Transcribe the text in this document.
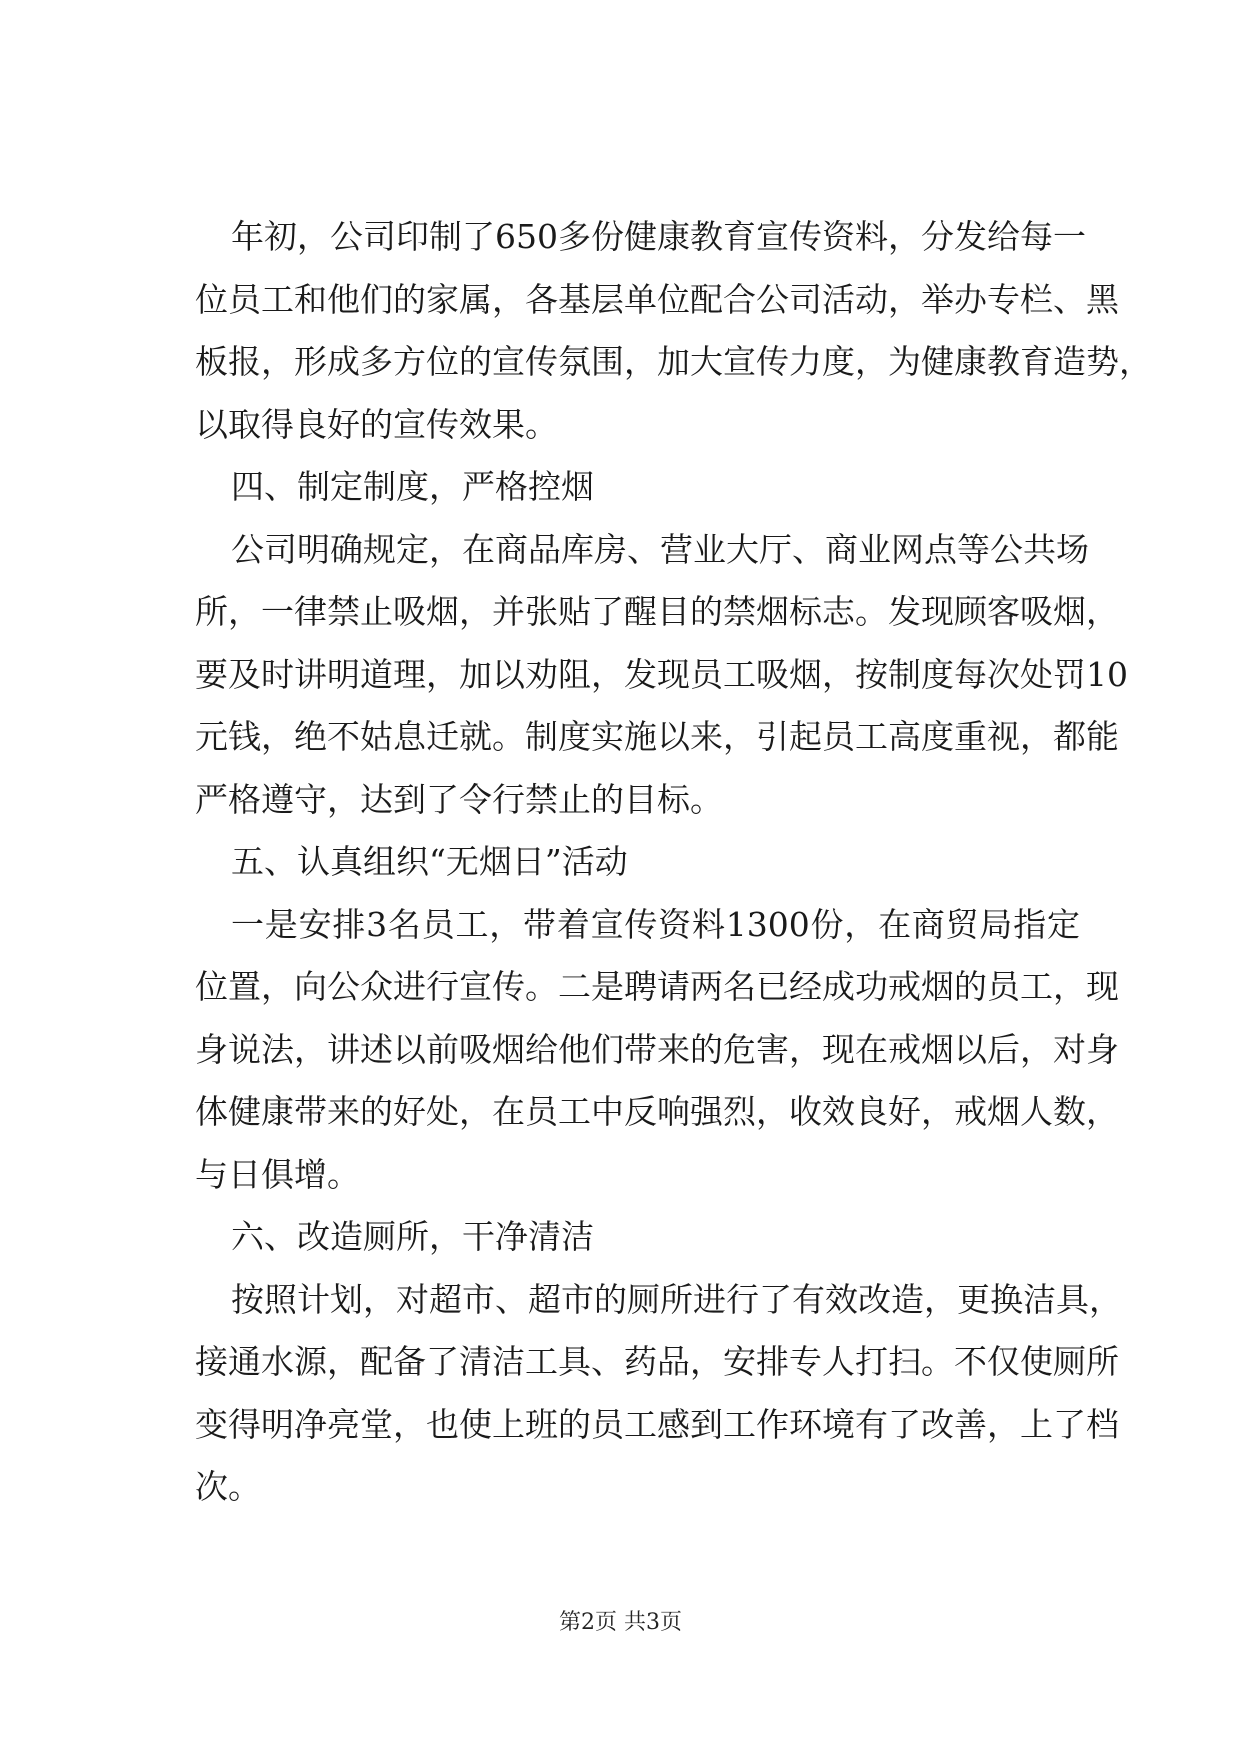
年初，公司印制了650多份健康教育宣传资料，分发给每一
位员工和他们的家属，各基层单位配合公司活动，举办专栏、黑
板报，形成多方位的宣传氛围，加大宣传力度，为健康教育造势，
以取得良好的宣传效果。
四、制定制度，严格控烟
公司明确规定，在商品库房、营业大厅、商业网点等公共场
所，一律禁止吸烟，并张贴了醒目的禁烟标志。发现顾客吸烟，
要及时讲明道理，加以劝阻，发现员工吸烟，按制度每次处罚10
元钱，绝不姑息迁就。制度实施以来，引起员工高度重视，都能
严格遵守，达到了令行禁止的目标。
五、认真组织“无烟日”活动
一是安排3名员工，带着宣传资料1300份，在商贸局指定
位置，向公众进行宣传。二是聘请两名已经成功戒烟的员工，现
身说法，讲述以前吸烟给他们带来的危害，现在戒烟以后，对身
体健康带来的好处，在员工中反响强烈，收效良好，戒烟人数，
与日俱增。
六、改造厕所，干净清洁
按照计划，对超市、超市的厕所进行了有效改造，更换洁具，
接通水源，配备了清洁工具、药品，安排专人打扫。不仅使厕所
变得明净亮堂，也使上班的员工感到工作环境有了改善，上了档
次。
第2页 共3页
